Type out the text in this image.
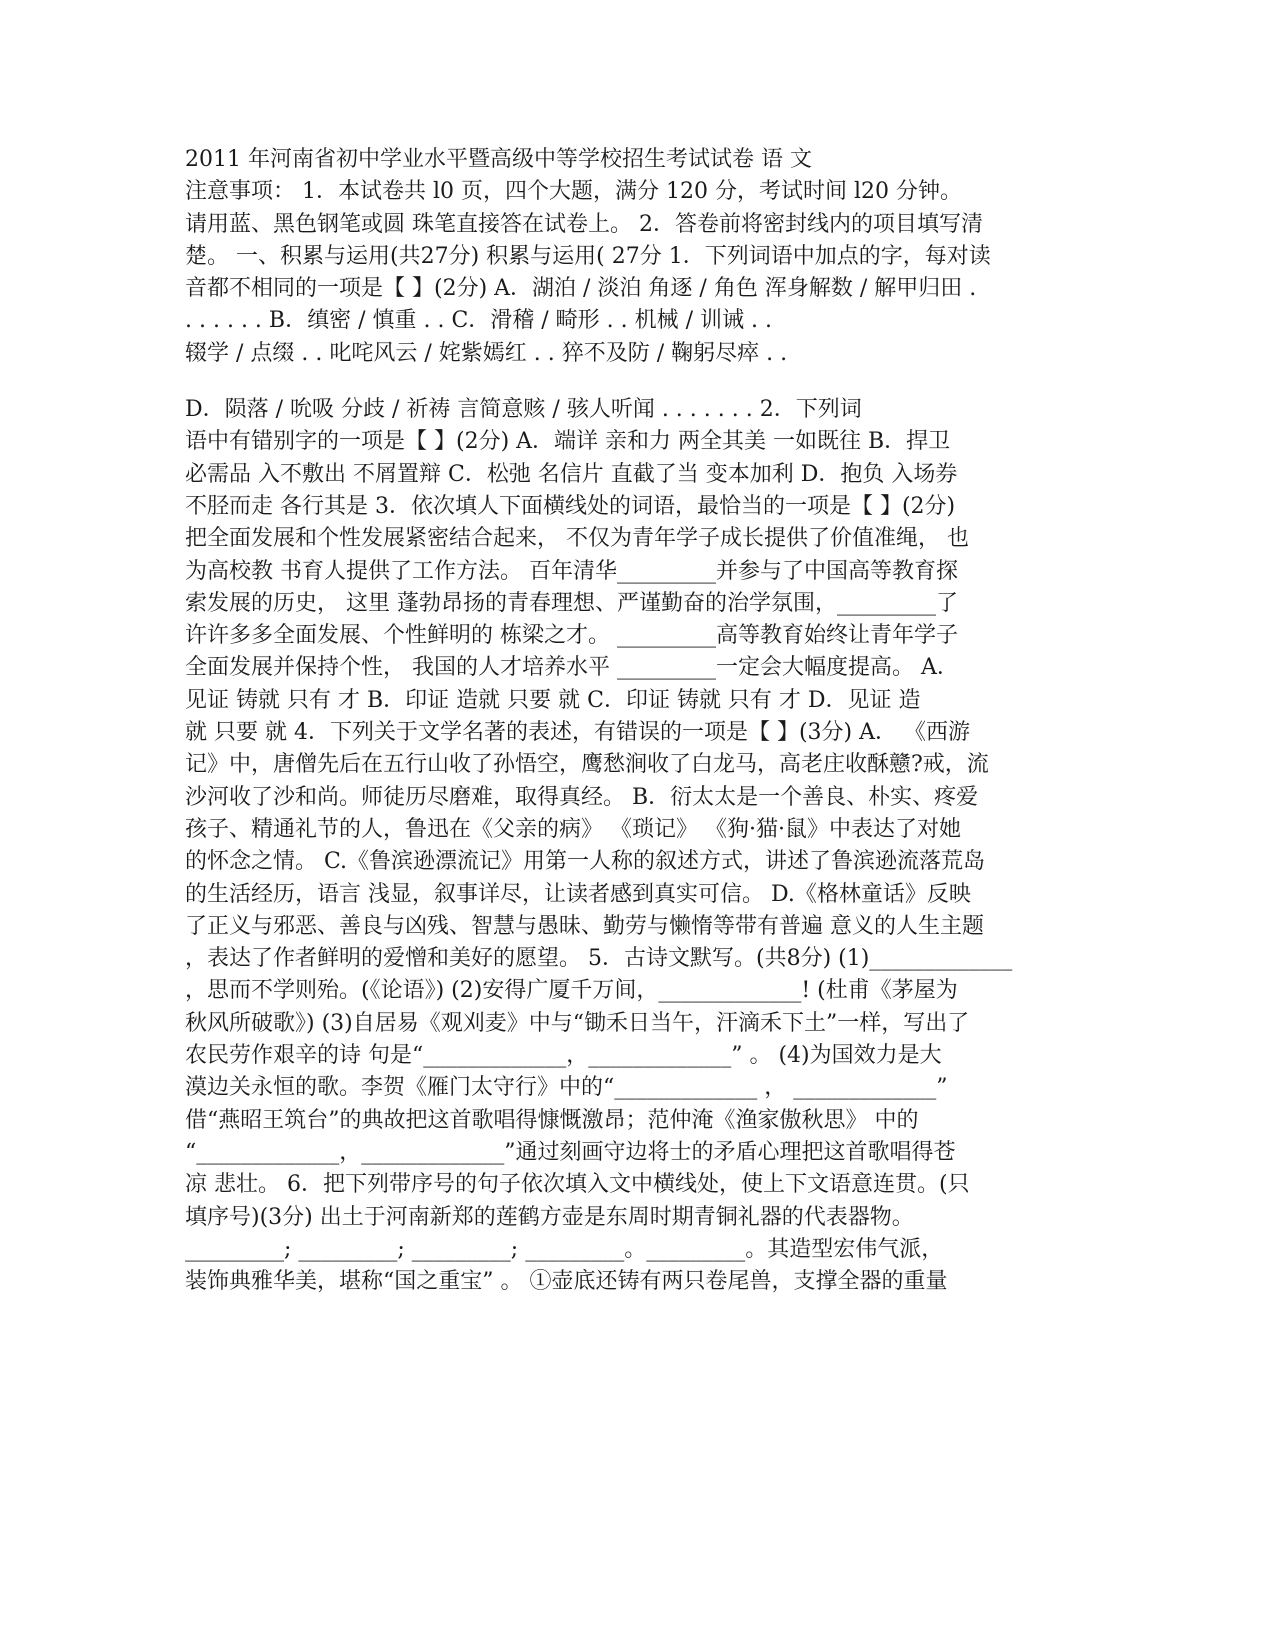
2011 年河南省初中学业水平暨高级中等学校招生考试试卷 语 文
注意事项： 1．本试卷共 l0 页，四个大题，满分 120 分，考试时间 l20 分钟。
请用蓝、黑色钢笔或圆 珠笔直接答在试卷上。 2．答卷前将密封线内的项目填写清
楚。 一、积累与运用(共27分) 积累与运用( 27分 1．下列词语中加点的字，每对读
音都不相同的一项是【 】(2分) A．湖泊 / 淡泊 角逐 / 角色 浑身解数 / 解甲归田 .
. . . . . . B．缜密 / 慎重 . . C．滑稽 / 畸形 . . 机械 / 训诫 . .
辍学 / 点缀 . . 叱咤风云 / 姹紫嫣红 . . 猝不及防 / 鞠躬尽瘁 . .
D．陨落 / 吮吸 分歧 / 祈祷 言简意赅 / 骇人听闻 . . . . . . . 2．下列词
语中有错别字的一项是【 】(2分) A．端详 亲和力 两全其美 一如既往 B．捍卫
必需品 入不敷出 不屑置辩 C．松弛 名信片 直截了当 变本加利 D．抱负 入场券
不胫而走 各行其是 3．依次填人下面横线处的词语，最恰当的一项是【 】(2分)
把全面发展和个性发展紧密结合起来， 不仅为青年学子成长提供了价值准绳， 也
为高校教 书育人提供了工作方法。 百年清华_________并参与了中国高等教育探
索发展的历史， 这里 蓬勃昂扬的青春理想、严谨勤奋的治学氛围，_________了
许许多多全面发展、个性鲜明的 栋梁之才。 _________高等教育始终让青年学子
全面发展并保持个性， 我国的人才培养水平 _________一定会大幅度提高。 A．
见证 铸就 只有 才 B．印证 造就 只要 就 C．印证 铸就 只有 才 D．见证 造
就 只要 就 4．下列关于文学名著的表述，有错误的一项是【 】(3分) A． 《西游
记》中，唐僧先后在五行山收了孙悟空，鹰愁涧收了白龙马，高老庄收酥戆?戒，流
沙河收了沙和尚。师徒历尽磨难，取得真经。 B．衍太太是一个善良、朴实、疼爱
孩子、精通礼节的人，鲁迅在《父亲的病》 《琐记》 《狗·猫·鼠》中表达了对她
的怀念之情。 C.《鲁滨逊漂流记》用第一人称的叙述方式，讲述了鲁滨逊流落荒岛
的生活经历，语言 浅显，叙事详尽，让读者感到真实可信。 D.《格林童话》反映
了正义与邪恶、善良与凶残、智慧与愚昧、勤劳与懒惰等带有普遍 意义的人生主题
，表达了作者鲜明的爱憎和美好的愿望。 5．古诗文默写。(共8分) (1)_____________
，思而不学则殆。(《论语》) (2)安得广厦千万间，_____________! (杜甫《茅屋为
秋风所破歌》) (3)自居易《观刈麦》中与“锄禾日当午，汗滴禾下土”一样，写出了
农民劳作艰辛的诗 句是“_____________，_____________” 。 (4)为国效力是大
漠边关永恒的歌。李贺《雁门太守行》中的“_____________ ， _____________”
借“燕昭王筑台”的典故把这首歌唱得慷慨激昂；范仲淹《渔家傲秋思》 中的
“_____________，_____________”通过刻画守边将士的矛盾心理把这首歌唱得苍
凉 悲壮。 6．把下列带序号的句子依次填入文中横线处，使上下文语意连贯。(只
填序号)(3分) 出土于河南新郑的莲鹤方壶是东周时期青铜礼器的代表器物。
_________; _________; _________; _________。_________。其造型宏伟气派，
装饰典雅华美，堪称“国之重宝” 。 ①壶底还铸有两只卷尾兽，支撑全器的重量
